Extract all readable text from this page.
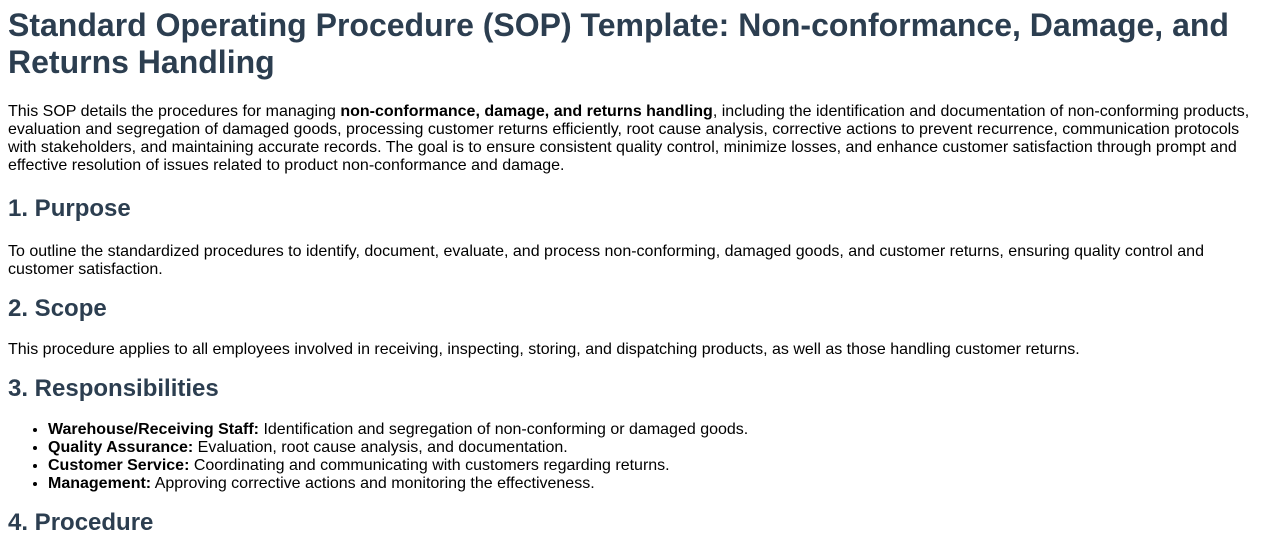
Standard Operating Procedure (SOP) Template: Non-conformance, Damage, and Returns Handling

This SOP details the procedures for managing non-conformance, damage, and returns handling, including the identification and documentation of non-conforming products, evaluation and segregation of damaged goods, processing customer returns efficiently, root cause analysis, corrective actions to prevent recurrence, communication protocols with stakeholders, and maintaining accurate records. The goal is to ensure consistent quality control, minimize losses, and enhance customer satisfaction through prompt and effective resolution of issues related to product non-conformance and damage.

1. Purpose

To outline the standardized procedures to identify, document, evaluate, and process non-conforming, damaged goods, and customer returns, ensuring quality control and customer satisfaction.

2. Scope

This procedure applies to all employees involved in receiving, inspecting, storing, and dispatching products, as well as those handling customer returns.

3. Responsibilities
• Warehouse/Receiving Staff: Identification and segregation of non-conforming or damaged goods.
• Quality Assurance: Evaluation, root cause analysis, and documentation.
• Customer Service: Coordinating and communicating with customers regarding returns.
• Management: Approving corrective actions and monitoring the effectiveness.
4. Procedure
